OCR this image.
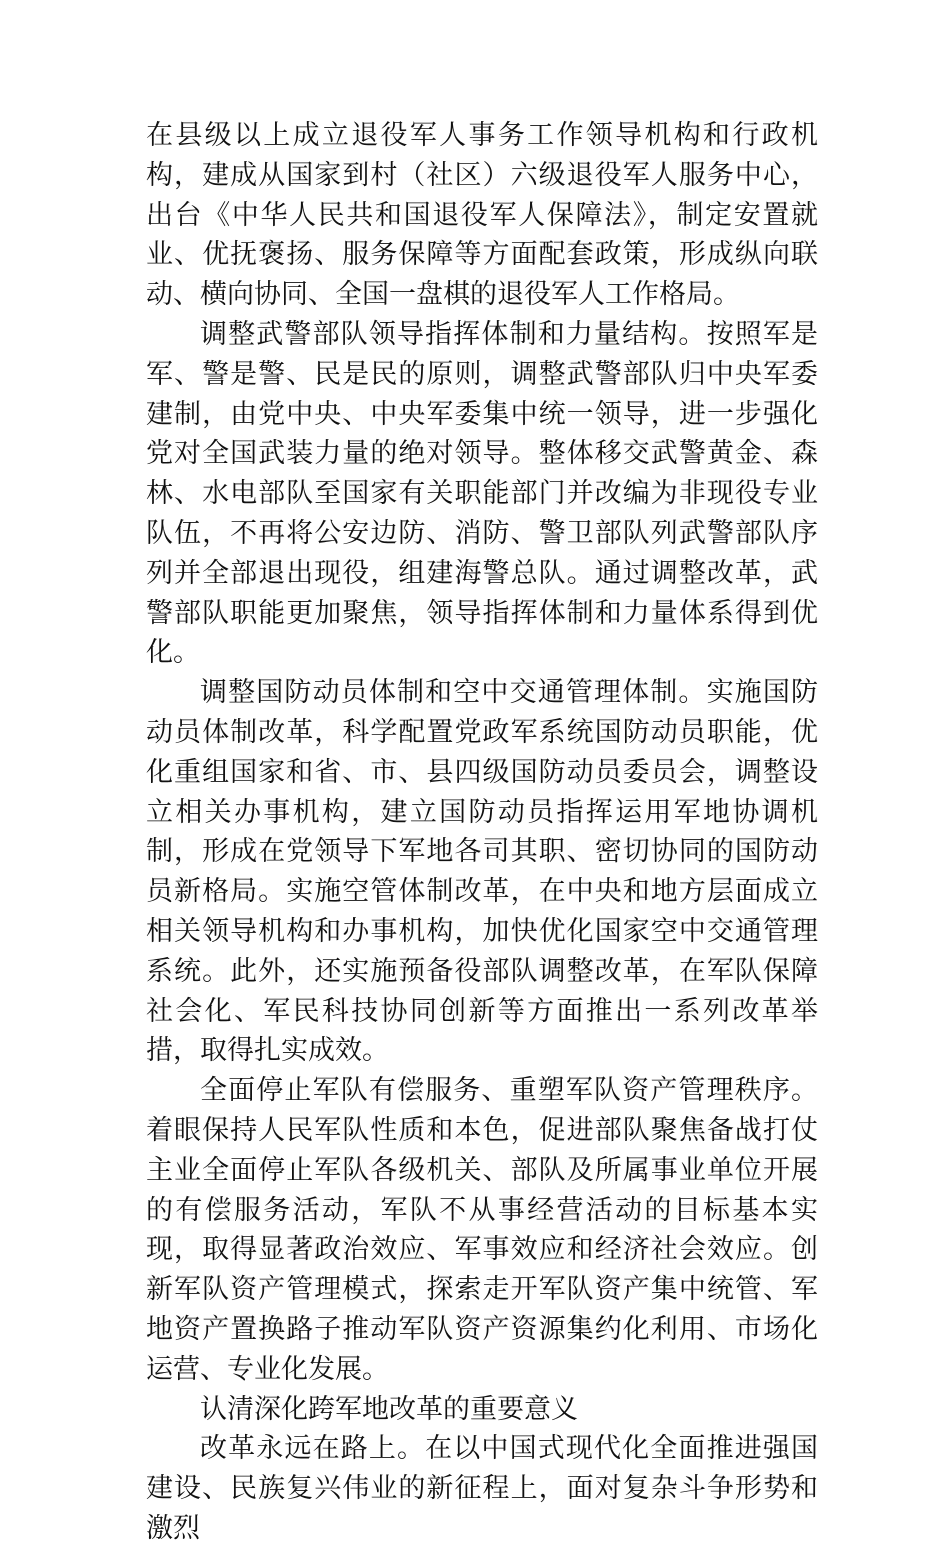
在县级以上成立退役军人事务工作领导机构和行政机构，建成从国家到村（社区）六级退役军人服务中心，出台《中华人民共和国退役军人保障法》，制定安置就业、优抚褒扬、服务保障等方面配套政策，形成纵向联动、横向协同、全国一盘棋的退役军人工作格局。

调整武警部队领导指挥体制和力量结构。按照军是军、警是警、民是民的原则，调整武警部队归中央军委建制，由党中央、中央军委集中统一领导，进一步强化党对全国武装力量的绝对领导。整体移交武警黄金、森林、水电部队至国家有关职能部门并改编为非现役专业队伍，不再将公安边防、消防、警卫部队列武警部队序列并全部退出现役，组建海警总队。通过调整改革，武警部队职能更加聚焦，领导指挥体制和力量体系得到优化。

调整国防动员体制和空中交通管理体制。实施国防动员体制改革，科学配置党政军系统国防动员职能，优化重组国家和省、市、县四级国防动员委员会，调整设立相关办事机构，建立国防动员指挥运用军地协调机制，形成在党领导下军地各司其职、密切协同的国防动员新格局。实施空管体制改革，在中央和地方层面成立相关领导机构和办事机构，加快优化国家空中交通管理系统。此外，还实施预备役部队调整改革，在军队保障社会化、军民科技协同创新等方面推出一系列改革举措，取得扎实成效。

全面停止军队有偿服务、重塑军队资产管理秩序。着眼保持人民军队性质和本色，促进部队聚焦备战打仗主业全面停止军队各级机关、部队及所属事业单位开展的有偿服务活动，军队不从事经营活动的目标基本实现，取得显著政治效应、军事效应和经济社会效应。创新军队资产管理模式，探索走开军队资产集中统管、军地资产置换路子推动军队资产资源集约化利用、市场化运营、专业化发展。

认清深化跨军地改革的重要意义

改革永远在路上。在以中国式现代化全面推进强国建设、民族复兴伟业的新征程上，面对复杂斗争形势和激烈
